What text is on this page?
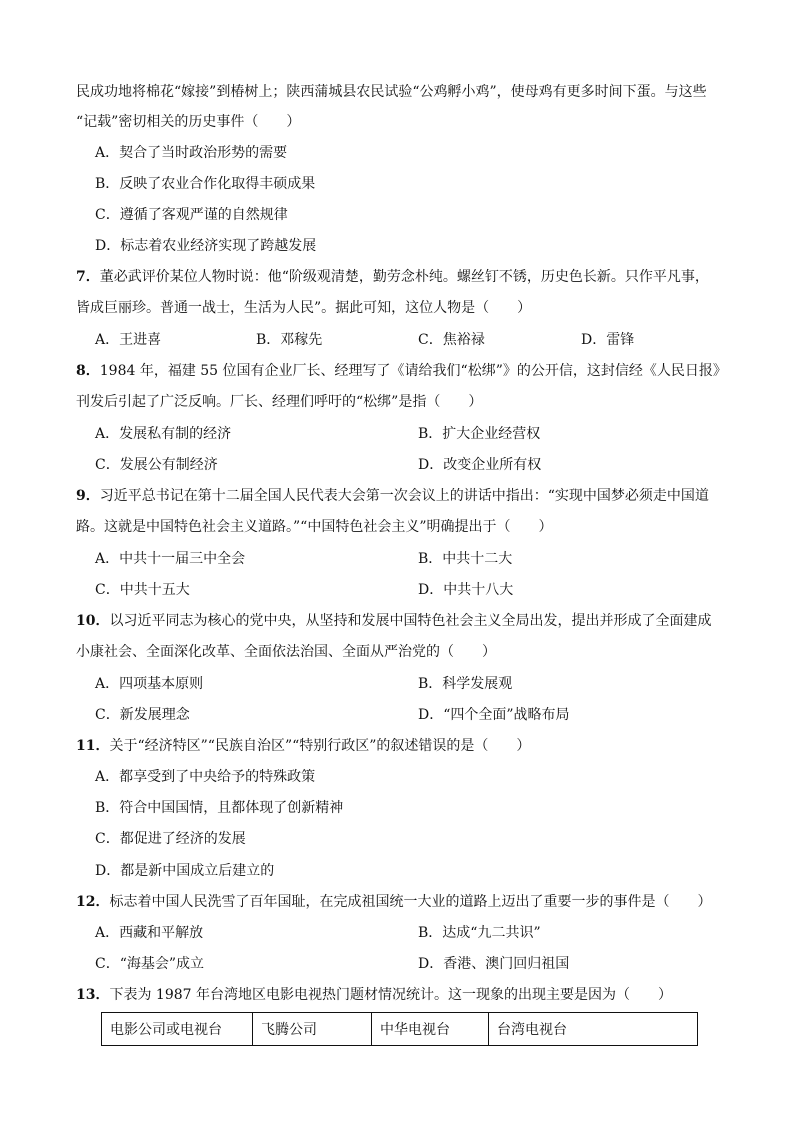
民成功地将棉花“嫁接”到椿树上；陕西蒲城县农民试验“公鸡孵小鸡”，使母鸡有更多时间下蛋。与这些
“记载”密切相关的历史事件（　　）
A．契合了当时政治形势的需要
B．反映了农业合作化取得丰硕成果
C．遵循了客观严谨的自然规律
D．标志着农业经济实现了跨越发展
7．董必武评价某位人物时说：他“阶级观清楚，勤劳念朴纯。螺丝钉不锈，历史色长新。只作平凡事，
皆成巨丽珍。普通一战士，生活为人民”。据此可知，这位人物是（　　）
A．王进喜	B．邓稼先	C．焦裕禄	D．雷锋
8．1984 年，福建 55 位国有企业厂长、经理写了《请给我们“松绑”》的公开信，这封信经《人民日报》
刊发后引起了广泛反响。厂长、经理们呼吁的“松绑”是指（　　）
A．发展私有制的经济	B．扩大企业经营权
C．发展公有制经济	D．改变企业所有权
9．习近平总书记在第十二届全国人民代表大会第一次会议上的讲话中指出：“实现中国梦必须走中国道
路。这就是中国特色社会主义道路。”“中国特色社会主义”明确提出于（　　）
A．中共十一届三中全会	B．中共十二大
C．中共十五大	D．中共十八大
10．以习近平同志为核心的党中央，从坚持和发展中国特色社会主义全局出发，提出并形成了全面建成
小康社会、全面深化改革、全面依法治国、全面从严治党的（　　）
A．四项基本原则	B．科学发展观
C．新发展理念	D．“四个全面”战略布局
11．关于“经济特区”“民族自治区”“特别行政区”的叙述错误的是（　　）
A．都享受到了中央给予的特殊政策
B．符合中国国情，且都体现了创新精神
C．都促进了经济的发展
D．都是新中国成立后建立的
12．标志着中国人民洗雪了百年国耻，在完成祖国统一大业的道路上迈出了重要一步的事件是（　　）
A．西藏和平解放	B．达成“九二共识”
C．“海基会”成立	D．香港、澳门回归祖国
13．下表为 1987 年台湾地区电影电视热门题材情况统计。这一现象的出现主要是因为（　　）
电影公司或电视台	飞腾公司	中华电视台	台湾电视台
